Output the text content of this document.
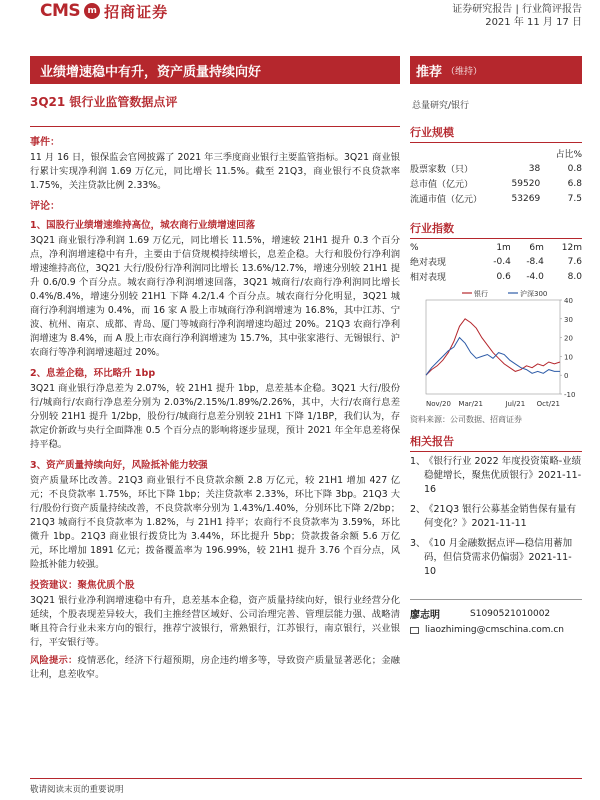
CMS m 招商证券	证券研究报告 | 行业简评报告
2021 年 11 月 17 日
业绩增速稳中有升，资产质量持续向好	推荐 （维持）
3Q21 银行业监管数据点评	总量研究/银行
事件：

11 月 16 日，银保监会官网披露了 2021 年三季度商业银行主要监管指标。3Q21 商业银行累计实现净利润 1.69 万亿元，同比增长 11.5%。截至 21Q3，商业银行不良贷款率 1.75%，关注贷款比例 2.33%。

评论：
1、国股行业绩增速维持高位，城农商行业绩增速回落

3Q21 商业银行净利润 1.69 万亿元，同比增长 11.5%，增速较 21H1 提升 0.3 个百分点，净利润增速稳中有升，主要由于信贷规模持续增长，息差企稳。大行和股份行净利润增速维持高位，3Q21 大行/股份行净利润同比增长 13.6%/12.7%，增速分别较 21H1 提升 0.6/0.9 个百分点。城农商行净利润增速回落，3Q21 城商行/农商行净利润同比增长 0.4%/8.4%，增速分别较 21H1 下降 4.2/1.4 个百分点。城农商行分化明显，3Q21 城商行净利润增速为 0.4%，而 16 家 A 股上市城商行净利润增速为 16.8%，其中江苏、宁波、杭州、南京、成都、青岛、厦门等城商行净利润增速均超过 20%。21Q3 农商行净利润增速为 8.4%，而 A 股上市农商行净利润增速为 15.7%，其中张家港行、无锡银行、沪农商行等净利润增速超过 20%。

2、息差企稳，环比略升 1bp

3Q21 商业银行净息差为 2.07%，较 21H1 提升 1bp，息差基本企稳。3Q21 大行/股份行/城商行/农商行净息差分别为 2.03%/2.15%/1.89%/2.26%，其中，大行/农商行息差分别较 21H1 提升 1/2bp，股份行/城商行息差分别较 21H1 下降 1/1BP，我们认为，存款定价新政与央行全面降准 0.5 个百分点的影响将逐步显现，预计 2021 年全年息差将保持平稳。

3、资产质量持续向好，风险抵补能力较强

资产质量环比改善。21Q3 商业银行不良贷款余额 2.8 万亿元，较 21H1 增加 427 亿元；不良贷款率 1.75%，环比下降 1bp；关注贷款率 2.33%，环比下降 3bp。21Q3 大行/股份行资产质量持续改善，不良贷款率分别为 1.43%/1.40%，分别环比下降 2/2bp；21Q3 城商行不良贷款率为 1.82%，与 21H1 持平；农商行不良贷款率为 3.59%，环比微升 1bp。21Q3 商业银行拨贷比为 3.44%，环比提升 5bp；贷款拨备余额 5.6 万亿元，环比增加 1891 亿元；拨备覆盖率为 196.99%，较 21H1 提升 3.76 个百分点，风险抵补能力较强。

投资建议：聚焦优质个股

3Q21 银行业净利润增速稳中有升，息差基本企稳，资产质量持续向好，银行业经营分化延续，个股表现差异较大，我们主推经营区域好、公司治理完善、管理层能力强、战略清晰且符合行业未来方向的银行，推荐宁波银行，常熟银行，江苏银行，南京银行，兴业银行，平安银行等。

风险提示：疫情恶化，经济下行超预期，房企违约增多等，导致资产质量显著恶化；金融让利，息差收窄。

行业规模
		占比%
股票家数（只）	38	0.8
总市值（亿元）	59520	6.8
流通市值（亿元）	53269	7.5
行业指数
%	1m	6m	12m
绝对表现	-0.4	-8.4	7.6
相对表现	0.6	-4.0	8.0
40
30
20
10
0
-10
Nov/20 Mar/21	Jul/21 Oct/21
银行	沪深300
资料来源：公司数据、招商证券
相关报告
1、
《银行行业 2022 年度投资策略-业绩稳健增长，聚焦优质银行》2021-11-16
2、
《21Q3 银行公募基金销售保有量有何变化？》2021-11-11
3、
《10 月金融数据点评—稳信用蓄加码，但信贷需求仍偏弱》2021-11-10
廖志明	S1090521010002
liaozhiming@cmschina.com.cn
敬请阅读末页的重要说明
